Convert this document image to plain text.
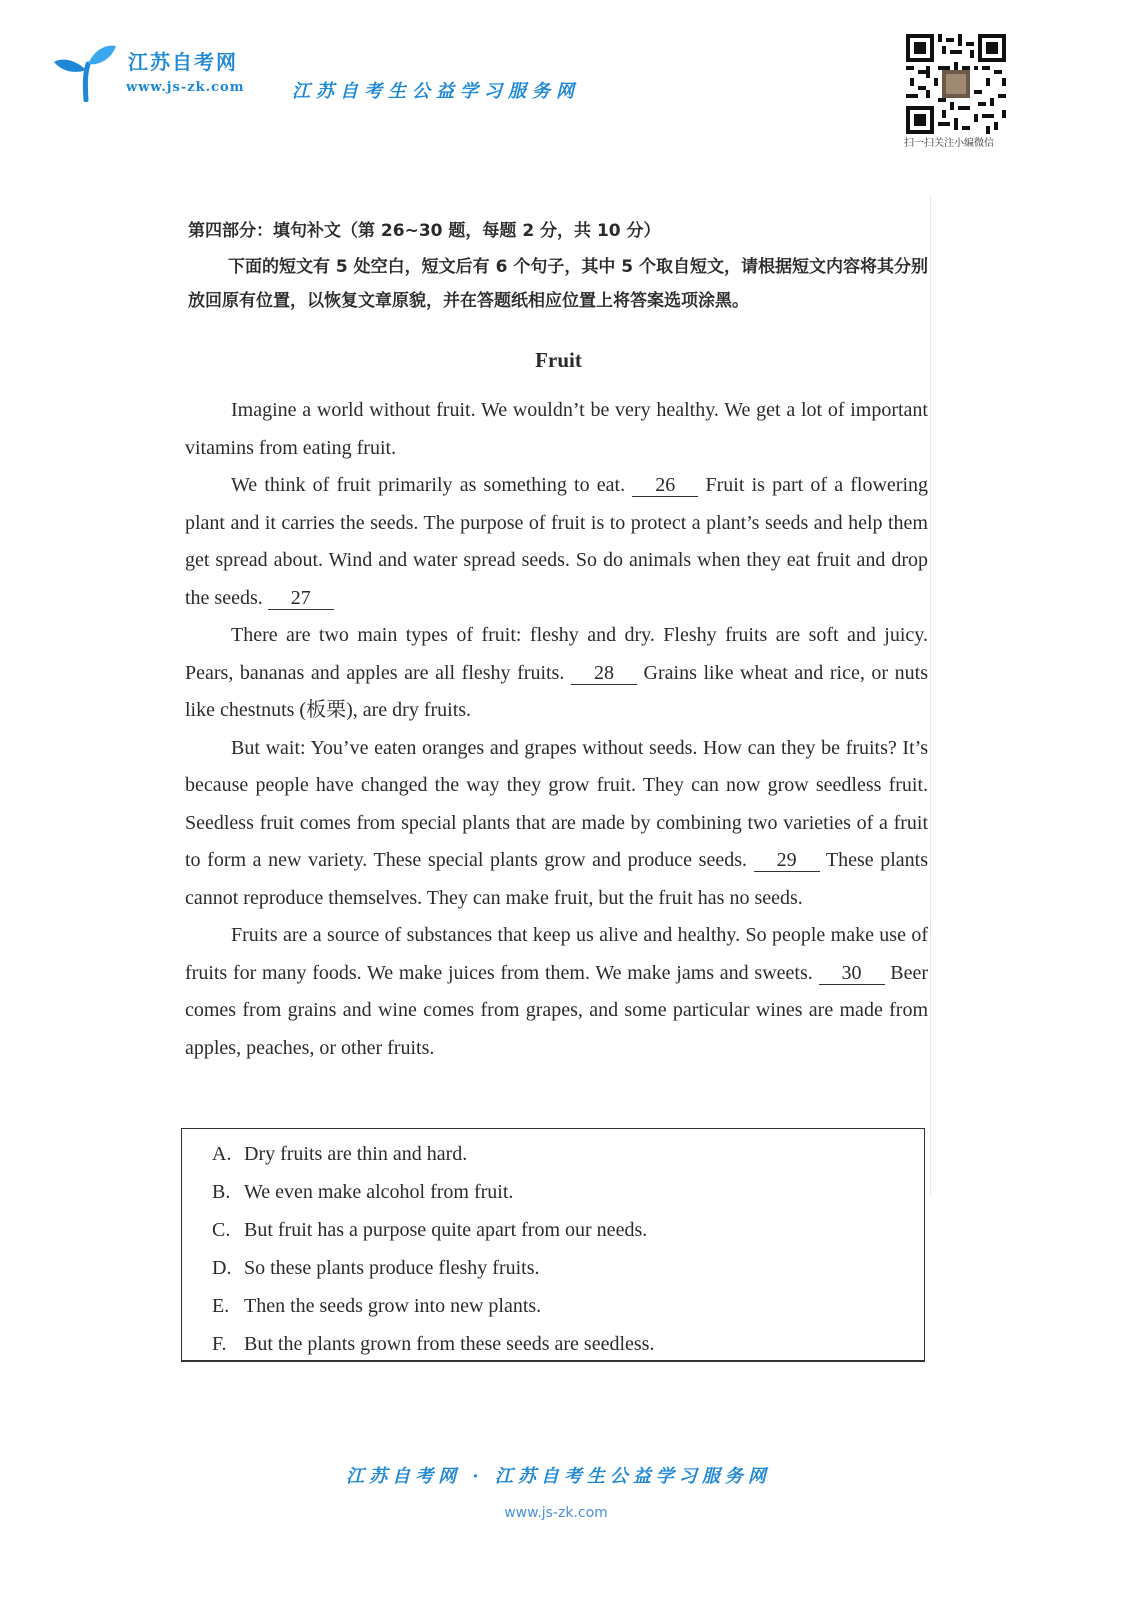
江苏自考网
www.js-zk.com	江苏自考生公益学习服务网
扫一扫关注小编微信
第四部分：填句补文（第 26~30 题，每题 2 分，共 10 分）
下面的短文有 5 处空白，短文后有 6 个句子，其中 5 个取自短文，请根据短文内容将其分别放回原有位置，以恢复文章原貌，并在答题纸相应位置上将答案选项涂黑。
Fruit

Imagine a world without fruit. We wouldn’t be very healthy. We get a lot of important vitamins from eating fruit.

We think of fruit primarily as something to eat. 26 Fruit is part of a flowering plant and it carries the seeds. The purpose of fruit is to protect a plant’s seeds and help them get spread about. Wind and water spread seeds. So do animals when they eat fruit and drop the seeds. 27

There are two main types of fruit: fleshy and dry. Fleshy fruits are soft and juicy. Pears, bananas and apples are all fleshy fruits. 28 Grains like wheat and rice, or nuts like chestnuts (板栗), are dry fruits.

But wait: You’ve eaten oranges and grapes without seeds. How can they be fruits? It’s because people have changed the way they grow fruit. They can now grow seedless fruit. Seedless fruit comes from special plants that are made by combining two varieties of a fruit to form a new variety. These special plants grow and produce seeds. 29 These plants cannot reproduce themselves. They can make fruit, but the fruit has no seeds.

Fruits are a source of substances that keep us alive and healthy. So people make use of fruits for many foods. We make juices from them. We make jams and sweets. 30 Beer comes from grains and wine comes from grapes, and some particular wines are made from apples, peaches, or other fruits.

A. Dry fruits are thin and hard.
B. We even make alcohol from fruit.
C. But fruit has a purpose quite apart from our needs.
D. So these plants produce fleshy fruits.
E. Then the seeds grow into new plants.
F. But the plants grown from these seeds are seedless.
江苏自考网 · 江苏自考生公益学习服务网
www.js-zk.com
